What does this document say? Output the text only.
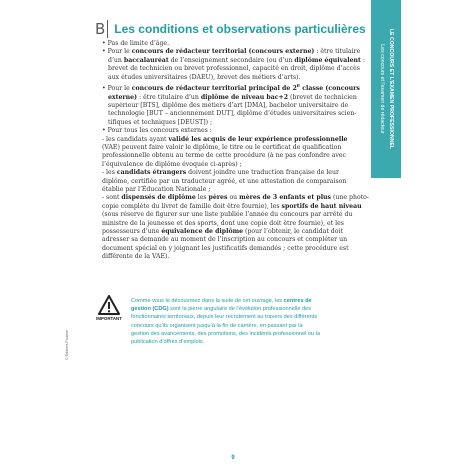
B Les conditions et observations particulières	LE CONCOURS ET L’EXAMEN PROFESSIONNEL
Les concours et l’examen de rédacteur

• Pas de limite d’âge.

• Pour le concours de rédacteur territorial (concours externe) : être titulaire

d’un baccalauréat de l’enseignement secondaire (ou d’un diplôme équivalent :

brevet de technicien ou brevet professionnel, capacité en droit, diplôme d’accès

aux études universitaires (DAEU), brevet des métiers d’arts).

• Pour le concours de rédacteur territorial principal de 2e classe (concours

externe) : être titulaire d’un diplôme de niveau bac+2 (brevet de technicien

supérieur [BTS], diplôme des métiers d’art [DMA], bachelor universitaire de

technologie [BUT – anciennement DUT], diplôme d’études universitaires scien-

tifiques et techniques [DEUST]) ;

• Pour tous les concours externes :

- les candidats ayant validé les acquis de leur expérience professionnelle

(VAE) peuvent faire valoir le diplôme, le titre ou le certificat de qualification

professionnelle obtenu au terme de cette procédure (à ne pas confondre avec

l’équivalence de diplôme évoquée ci-après) ;

- les candidats étrangers doivent joindre une traduction française de leur

diplôme, certifiée par un traducteur agréé, et une attestation de comparaison

établie par l’Éducation Nationale ;

- sont dispensés de diplôme les pères ou mères de 3 enfants et plus (une photo-

copie complète du livret de famille doit être fournie), les sportifs de haut niveau

(sous réserve de figurer sur une liste publiée l’année du concours par arrêté du

ministre de la jeunesse et des sports, dont une copie doit être fournie), et les

possesseurs d’une équivalence de diplôme (pour l’obtenir, le candidat doit

adresser sa demande au moment de l’inscription au concours et compléter un

document spécial en y joignant les justificatifs demandés ; cette procédure est

différente de la VAE).

IMPORTANT

Comme vous le découvrirez dans la suite de cet ouvrage, les centres de

gestion (CDG) sont la pierre angulaire de l’évolution professionnelle des

fonctionnaires territoriaux, depuis leur recrutement au travers des différents

concours qu’ils organisent jusqu’à la fin de carrière, en passant par la

gestion des avancements, des promotions, des incidents professionnel ou la

publication d’offres d’emplois.

© Éditions Foucher
9
